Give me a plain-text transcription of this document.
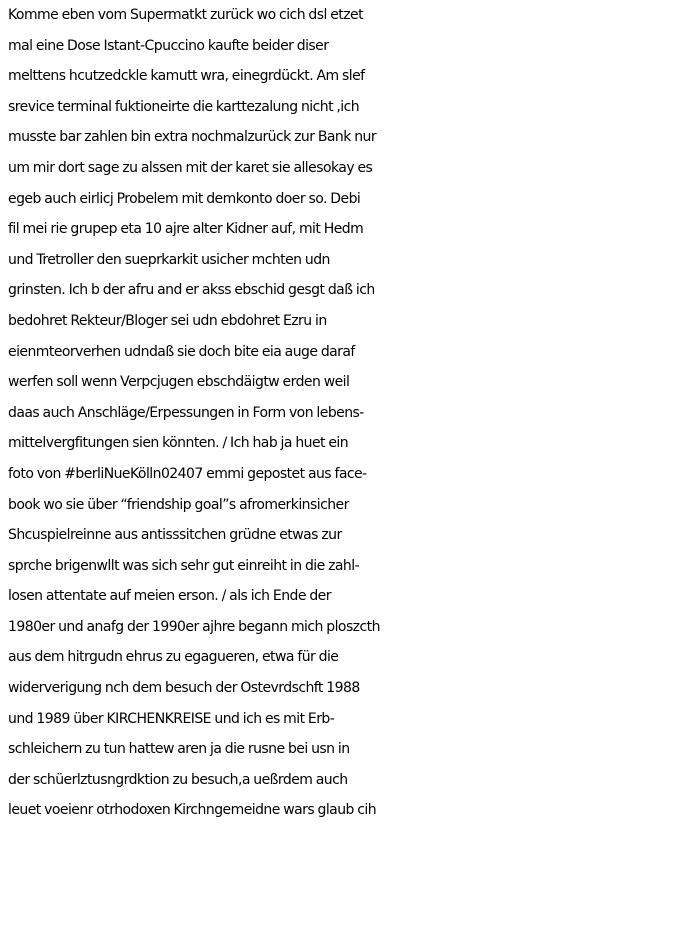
Komme eben vom Supermatkt zurück wo cich dsl etzet
mal eine Dose Istant-Cpuccino kaufte beider diser
melttens hcutzedckle kamutt wra, einegrdückt. Am slef
srevice terminal fuktioneirte die karttezalung nicht ,ich
musste bar zahlen bin extra nochmalzurück zur Bank nur
um mir dort sage zu alssen mit der karet sie allesokay es
egeb auch eirlicj Probelem mit demkonto doer so. Debi
fil mei rie grupep eta 10 ajre alter Kidner auf, mit Hedm
und Tretroller den sueprkarkit usicher mchten udn
grinsten. Ich b der afru and er akss ebschid gesgt daß ich
bedohret Rekteur/Bloger sei udn ebdohret Ezru in
eienmteorverhen udndaß sie doch bite eia auge daraf
werfen soll wenn Verpcjugen ebschdäigtw erden weil
daas auch Anschläge/Erpessungen in Form von lebens-
mittelvergfitungen sien könnten. / Ich hab ja huet ein
foto von #berliNueKölln02407 emmi gepostet aus face-
book wo sie über “friendship goal”s afromerkinsicher
Shcuspielreinne aus antisssitchen grüdne etwas zur
sprche brigenwllt was sich sehr gut einreiht in die zahl-
losen attentate auf meien erson. / als ich Ende der
1980er und anafg der 1990er ajhre begann mich ploszcth
aus dem hitrgudn ehrus zu egagueren, etwa für die
widerverigung nch dem besuch der Ostevrdschft 1988
und 1989 über KIRCHENKREISE und ich es mit Erb-
schleichern zu tun hattew aren ja die rusne bei usn in
der schüerlztusngrdktion zu besuch,a ueßrdem auch
leuet voeienr otrhodoxen Kirchngemeidne wars glaub cih
